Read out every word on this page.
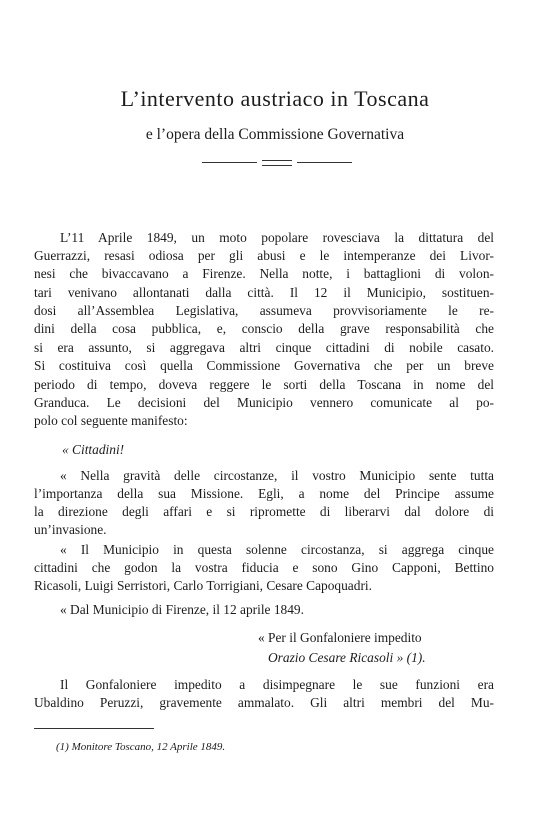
L’intervento austriaco in Toscana
e l’opera della Commissione Governativa
L’11 Aprile 1849, un moto popolare rovesciava la dittatura del
Guerrazzi, resasi odiosa per gli abusi e le intemperanze dei Livor-
nesi che bivaccavano a Firenze. Nella notte, i battaglioni di volon-
tari venivano allontanati dalla città. Il 12 il Municipio, sostituen-
dosi all’Assemblea Legislativa, assumeva provvisoriamente le re-
dini della cosa pubblica, e, conscio della grave responsabilità che
si era assunto, si aggregava altri cinque cittadini di nobile casato.
Si costituiva così quella Commissione Governativa che per un breve
periodo di tempo, doveva reggere le sorti della Toscana in nome del
Granduca. Le decisioni del Municipio vennero comunicate al po-
polo col seguente manifesto:
« Cittadini!
« Nella gravità delle circostanze, il vostro Municipio sente tutta
l’importanza della sua Missione. Egli, a nome del Principe assume
la direzione degli affari e si ripromette di liberarvi dal dolore di
un’invasione.
« Il Municipio in questa solenne circostanza, si aggrega cinque
cittadini che godon la vostra fiducia e sono Gino Capponi, Bettino
Ricasoli, Luigi Serristori, Carlo Torrigiani, Cesare Capoquadri.
« Dal Municipio di Firenze, il 12 aprile 1849.
« Per il Gonfaloniere impedito
Orazio Cesare Ricasoli » (1).
Il Gonfaloniere impedito a disimpegnare le sue funzioni era
Ubaldino Peruzzi, gravemente ammalato. Gli altri membri del Mu-
(1) Monitore Toscano, 12 Aprile 1849.
